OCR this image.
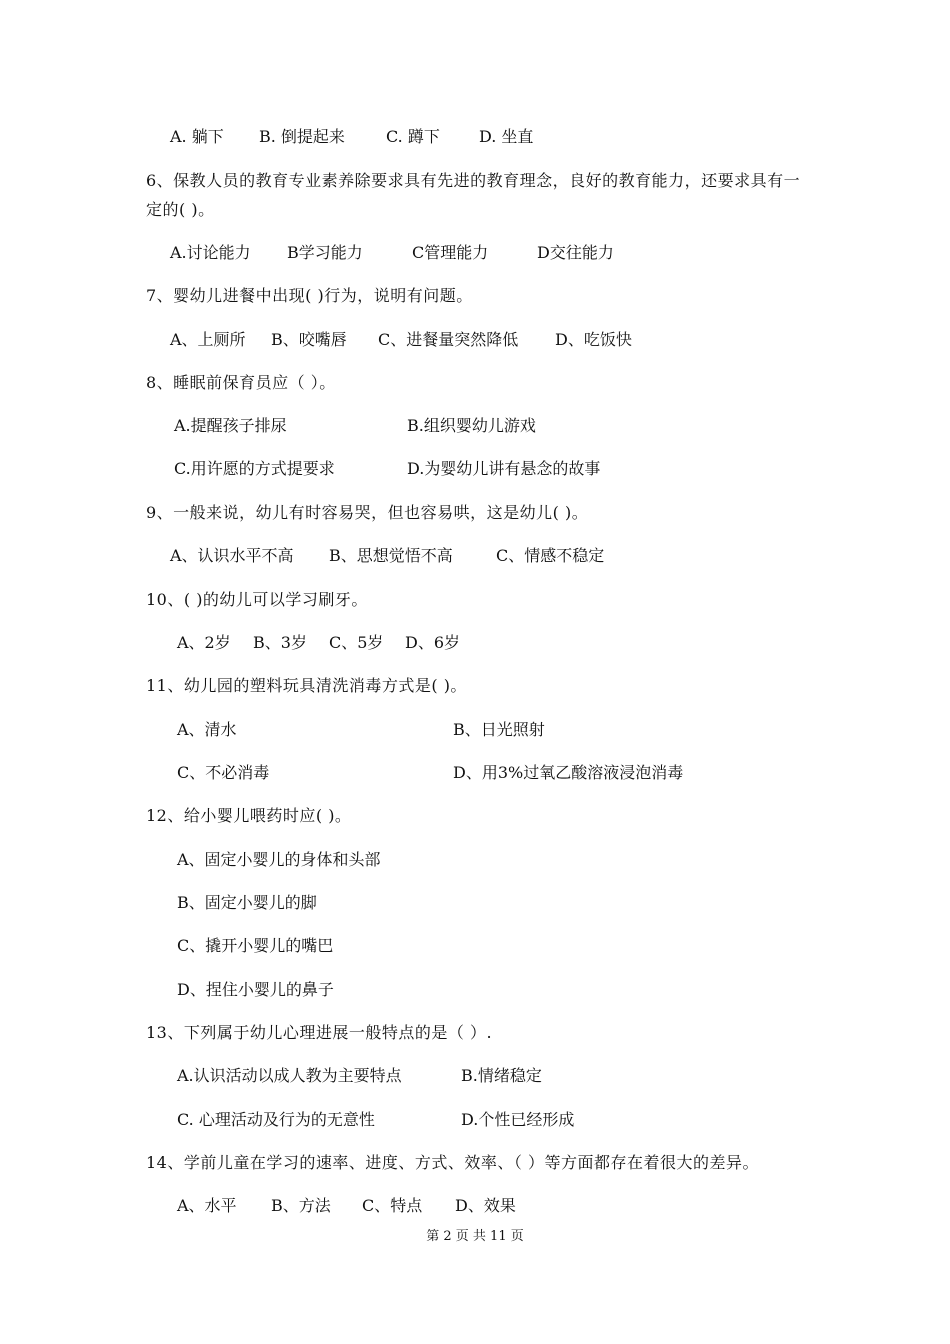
A. 躺下 B. 倒提起来	C. 蹲下 D. 坐直
6、保教人员的教育专业素养除要求具有先进的教育理念，良好的教育能力，还要求具有一
定的( )。
A.讨论能力 B学习能力	C管理能力	D交往能力
7、婴幼儿进餐中出现( )行为，说明有问题。
A、上厕所 B、咬嘴唇 C、进餐量突然降低 D、吃饭快
8、睡眠前保育员应（ ）。
A.提醒孩子排尿	B.组织婴幼儿游戏
C.用许愿的方式提要求	D.为婴幼儿讲有悬念的故事
9、一般来说，幼儿有时容易哭，但也容易哄，这是幼儿( )。
A、认识水平不高 B、思想觉悟不高	C、情感不稳定
10、( )的幼儿可以学习刷牙。
A、2岁 B、3岁 C、5岁 D、6岁
11、幼儿园的塑料玩具清洗消毒方式是( )。
A、清水	B、日光照射
C、不必消毒	D、用3%过氧乙酸溶液浸泡消毒
12、给小婴儿喂药时应( )。
A、固定小婴儿的身体和头部
B、固定小婴儿的脚
C、撬开小婴儿的嘴巴
D、捏住小婴儿的鼻子
13、下列属于幼儿心理进展一般特点的是（ ）.
A.认识活动以成人教为主要特点	B.情绪稳定
C. 心理活动及行为的无意性	D.个性已经形成
14、学前儿童在学习的速率、进度、方式、效率、（ ）等方面都存在着很大的差异。
A、水平 B、方法 C、特点 D、效果
第 2 页 共 11 页
